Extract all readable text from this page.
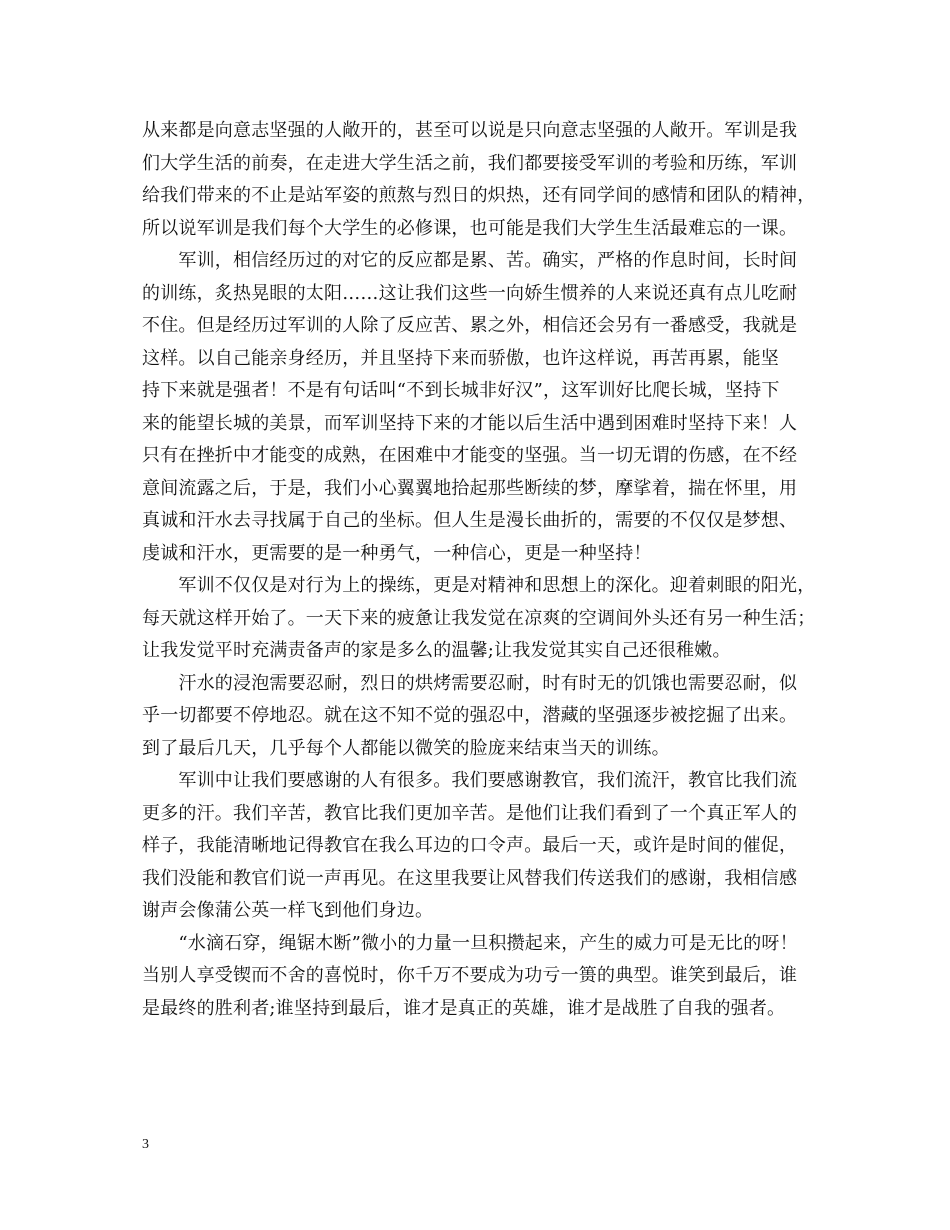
从来都是向意志坚强的人敞开的，甚至可以说是只向意志坚强的人敞开。军训是我
们大学生活的前奏，在走进大学生活之前，我们都要接受军训的考验和历练，军训
给我们带来的不止是站军姿的煎熬与烈日的炽热，还有同学间的感情和团队的精神，
所以说军训是我们每个大学生的必修课，也可能是我们大学生生活最难忘的一课。
　　军训，相信经历过的对它的反应都是累、苦。确实，严格的作息时间，长时间
的训练，炙热晃眼的太阳……这让我们这些一向娇生惯养的人来说还真有点儿吃耐
不住。但是经历过军训的人除了反应苦、累之外，相信还会另有一番感受，我就是
这样。以自己能亲身经历，并且坚持下来而骄傲，也许这样说，再苦再累，能坚
持下来就是强者！不是有句话叫“不到长城非好汉”，这军训好比爬长城，坚持下
来的能望长城的美景，而军训坚持下来的才能以后生活中遇到困难时坚持下来！人
只有在挫折中才能变的成熟，在困难中才能变的坚强。当一切无谓的伤感，在不经
意间流露之后，于是，我们小心翼翼地拾起那些断续的梦，摩挲着，揣在怀里，用
真诚和汗水去寻找属于自己的坐标。但人生是漫长曲折的，需要的不仅仅是梦想、
虔诚和汗水，更需要的是一种勇气，一种信心，更是一种坚持！
　　军训不仅仅是对行为上的操练，更是对精神和思想上的深化。迎着刺眼的阳光，
每天就这样开始了。一天下来的疲惫让我发觉在凉爽的空调间外头还有另一种生活；
让我发觉平时充满责备声的家是多么的温馨;让我发觉其实自己还很稚嫩。
　　汗水的浸泡需要忍耐，烈日的烘烤需要忍耐，时有时无的饥饿也需要忍耐，似
乎一切都要不停地忍。就在这不知不觉的强忍中，潜藏的坚强逐步被挖掘了出来。
到了最后几天，几乎每个人都能以微笑的脸庞来结束当天的训练。
　　军训中让我们要感谢的人有很多。我们要感谢教官，我们流汗，教官比我们流
更多的汗。我们辛苦，教官比我们更加辛苦。是他们让我们看到了一个真正军人的
样子，我能清晰地记得教官在我么耳边的口令声。最后一天，或许是时间的催促，
我们没能和教官们说一声再见。在这里我要让风替我们传送我们的感谢，我相信感
谢声会像蒲公英一样飞到他们身边。
　　“水滴石穿，绳锯木断”微小的力量一旦积攒起来，产生的威力可是无比的呀！
当别人享受锲而不舍的喜悦时，你千万不要成为功亏一篑的典型。谁笑到最后，谁
是最终的胜利者;谁坚持到最后，谁才是真正的英雄，谁才是战胜了自我的强者。
3
